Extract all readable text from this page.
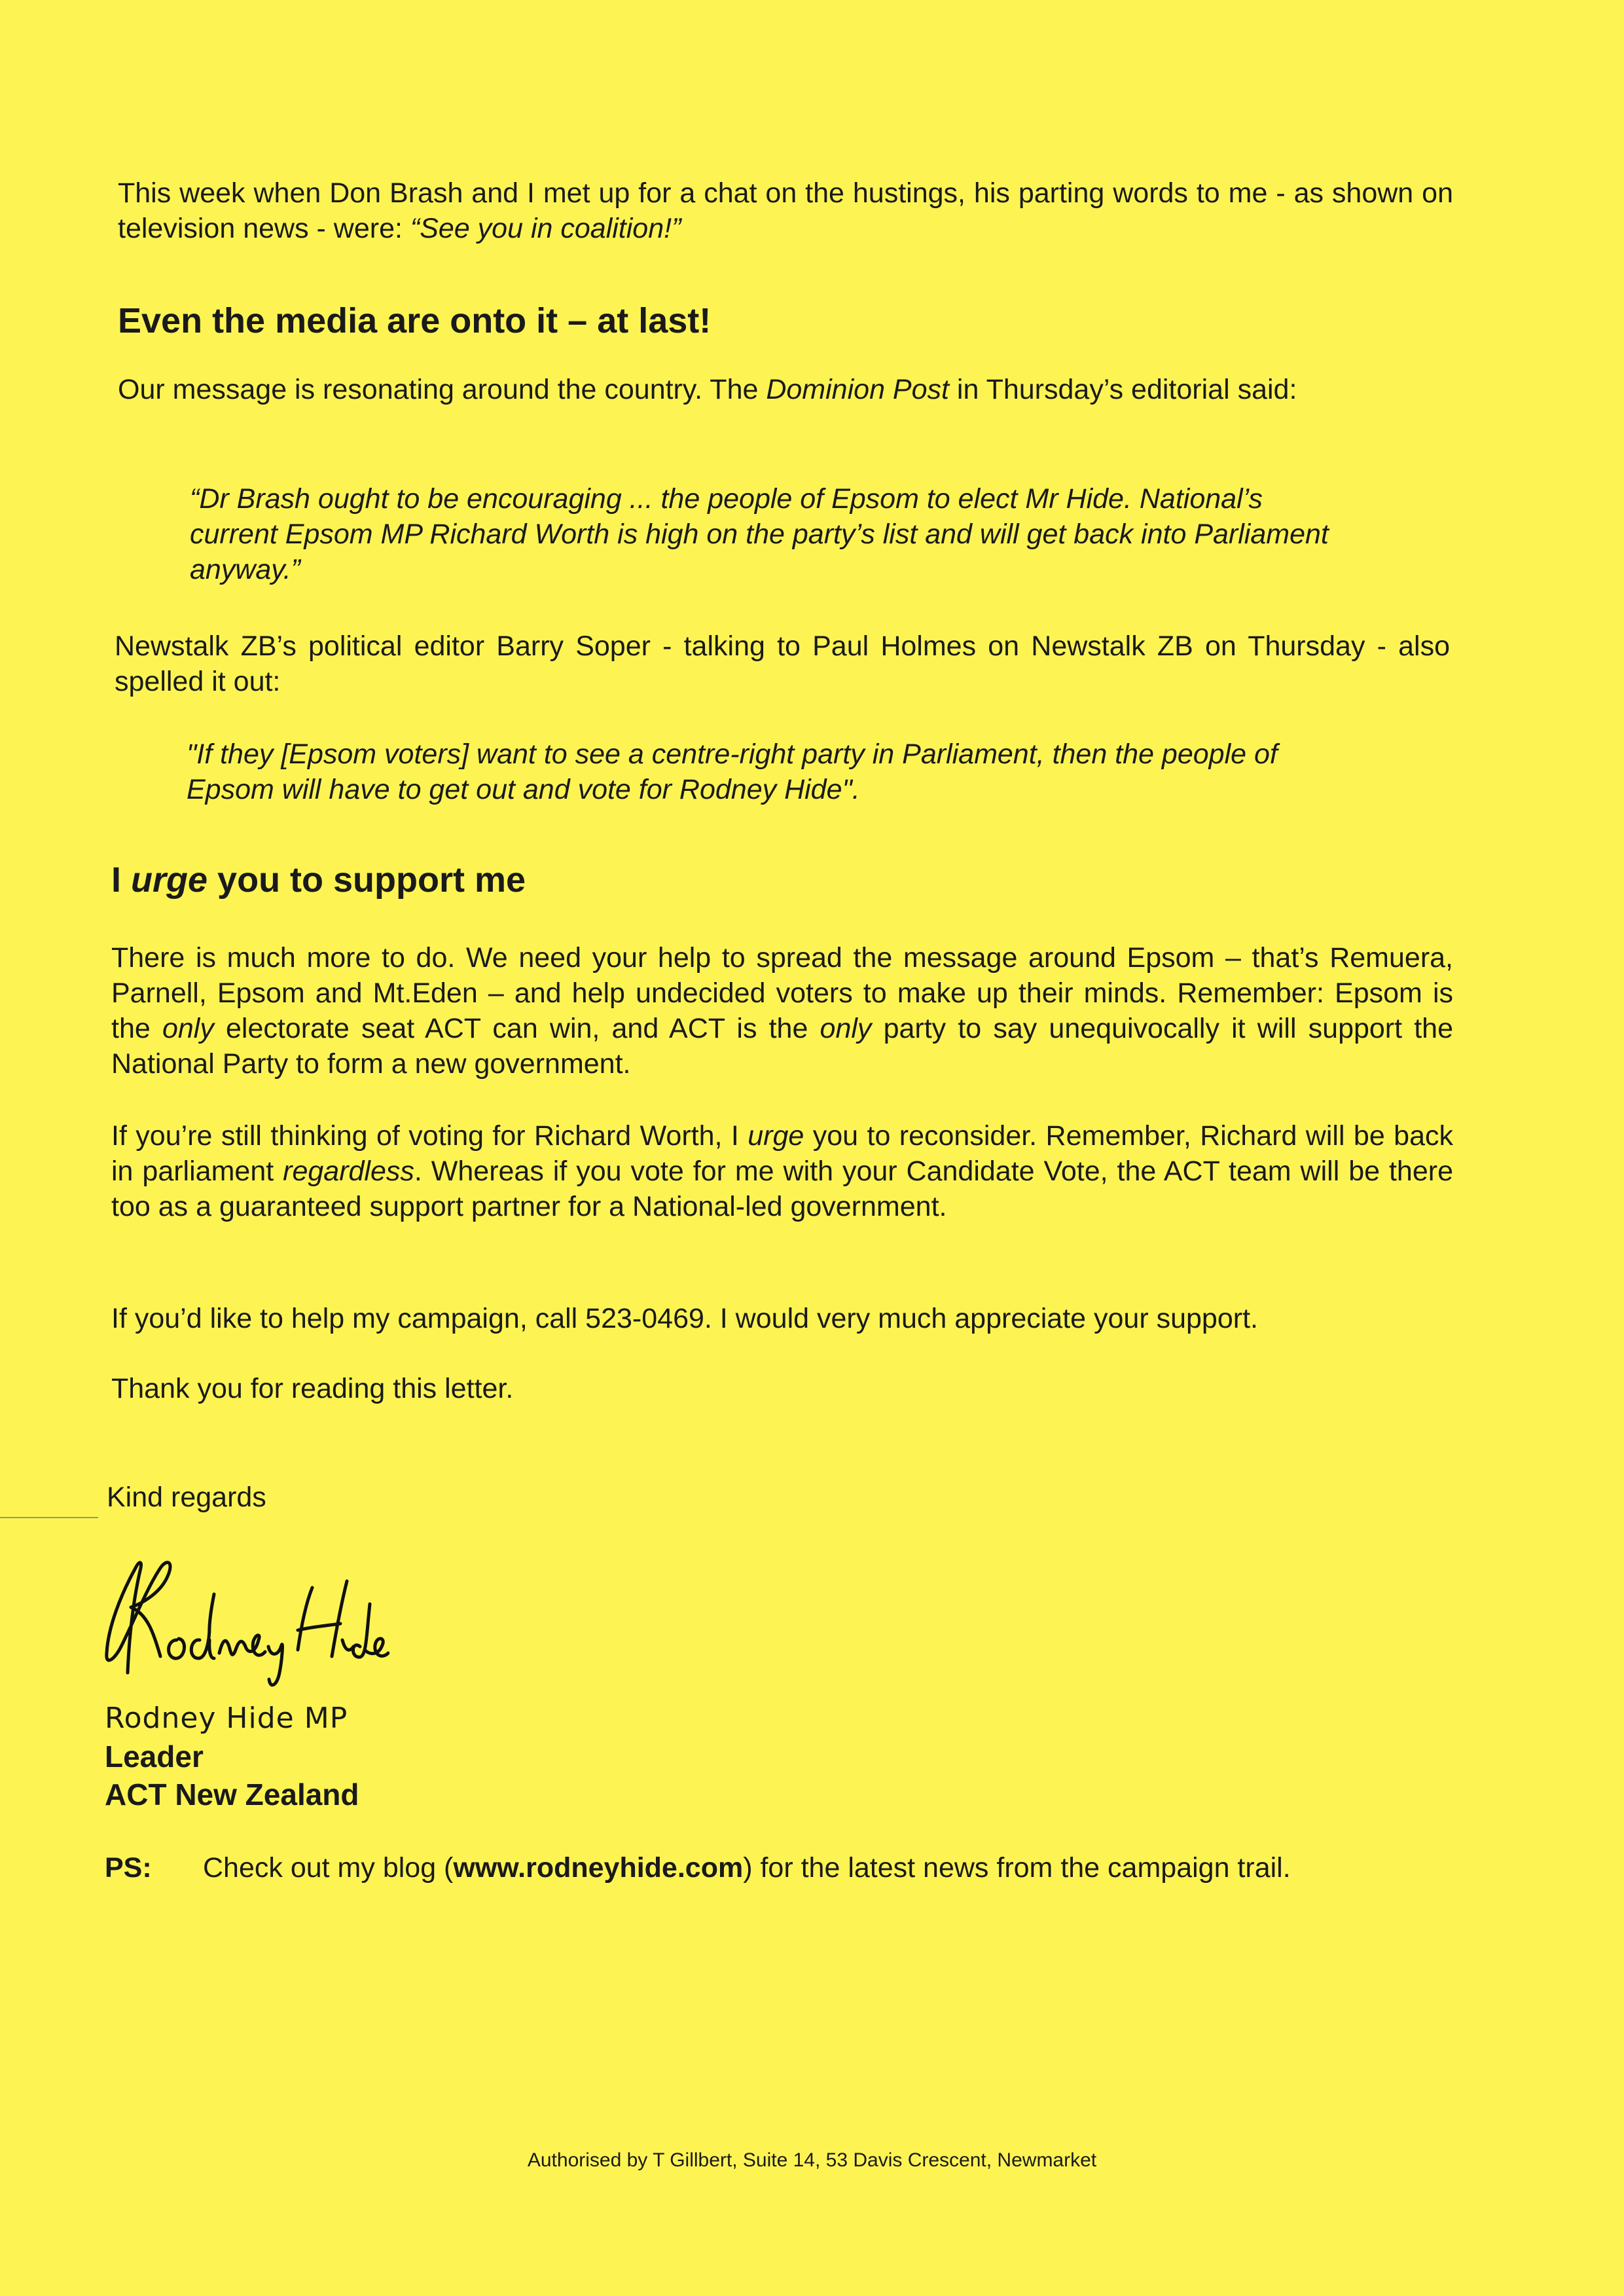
This week when Don Brash and I met up for a chat on the hustings, his parting words to me - as shown on television news - were: “See you in coalition!”

Even the media are onto it – at last!

Our message is resonating around the country. The Dominion Post in Thursday’s editorial said:

“Dr Brash ought to be encouraging ... the people of Epsom to elect Mr Hide. National’s current Epsom MP Richard Worth is high on the party’s list and will get back into Parliament anyway.”

Newstalk ZB’s political editor Barry Soper - talking to Paul Holmes on Newstalk ZB on Thursday - also spelled it out:

"If they [Epsom voters] want to see a centre-right party in Parliament, then the people of Epsom will have to get out and vote for Rodney Hide".

I urge you to support me

There is much more to do. We need your help to spread the message around Epsom – that’s Remuera, Parnell, Epsom and Mt.Eden – and help undecided voters to make up their minds. Remember: Epsom is the only electorate seat ACT can win, and ACT is the only party to say unequivocally it will support the National Party to form a new government.

If you’re still thinking of voting for Richard Worth, I urge you to reconsider. Remember, Richard will be back in parliament regardless. Whereas if you vote for me with your Candidate Vote, the ACT team will be there too as a guaranteed support partner for a National-led government.

If you’d like to help my campaign, call 523-0469. I would very much appreciate your support.

Thank you for reading this letter.

Kind regards

Rodney Hide MP

Leader

ACT New Zealand

PS: Check out my blog (www.rodneyhide.com) for the latest news from the campaign trail.

Authorised by T Gillbert, Suite 14, 53 Davis Crescent, Newmarket
